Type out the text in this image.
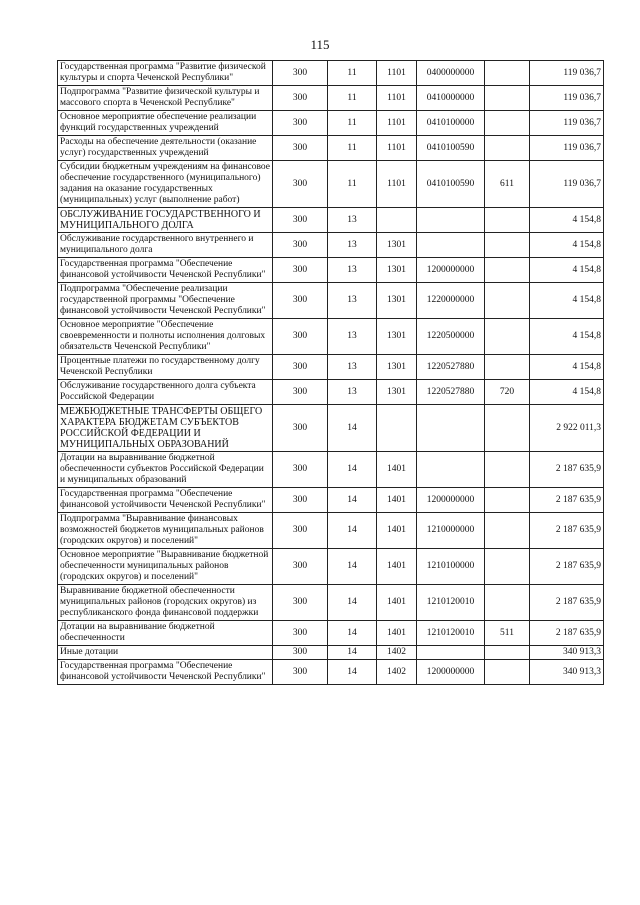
115
Государственная программа "Развитие физической культуры и спорта Чеченской Республики"	300	11	1101	0400000000		119 036,7
Подпрограмма "Развитие физической культуры и массового спорта в Чеченской Республике"	300	11	1101	0410000000		119 036,7
Основное мероприятие обеспечение реализации функций государственных учреждений	300	11	1101	0410100000		119 036,7
Расходы на обеспечение деятельности (оказание услуг) государственных учреждений	300	11	1101	0410100590		119 036,7
Субсидии бюджетным учреждениям на финансовое обеспечение государственного (муниципального) задания на оказание государственных (муниципальных) услуг (выполнение работ)	300	11	1101	0410100590	611	119 036,7
ОБСЛУЖИВАНИЕ ГОСУДАРСТВЕННОГО И МУНИЦИПАЛЬНОГО ДОЛГА	300	13				4 154,8
Обслуживание государственного внутреннего и муниципального долга	300	13	1301			4 154,8
Государственная программа "Обеспечение финансовой устойчивости Чеченской Республики"	300	13	1301	1200000000		4 154,8
Подпрограмма "Обеспечение реализации государственной программы "Обеспечение финансовой устойчивости Чеченской Республики"	300	13	1301	1220000000		4 154,8
Основное мероприятие "Обеспечение своевременности и полноты исполнения долговых обязательств Чеченской Республики"	300	13	1301	1220500000		4 154,8
Процентные платежи по государственному долгу Чеченской Республики	300	13	1301	1220527880		4 154,8
Обслуживание государственного долга субъекта Российской Федерации	300	13	1301	1220527880	720	4 154,8
МЕЖБЮДЖЕТНЫЕ ТРАНСФЕРТЫ ОБЩЕГО ХАРАКТЕРА БЮДЖЕТАМ СУБЪЕКТОВ РОССИЙСКОЙ ФЕДЕРАЦИИ И МУНИЦИПАЛЬНЫХ ОБРАЗОВАНИЙ	300	14				2 922 011,3
Дотации на выравнивание бюджетной обеспеченности субъектов Российской Федерации и муниципальных образований	300	14	1401			2 187 635,9
Государственная программа "Обеспечение финансовой устойчивости Чеченской Республики"	300	14	1401	1200000000		2 187 635,9
Подпрограмма "Выравнивание финансовых возможностей бюджетов муниципальных районов (городских округов) и поселений"	300	14	1401	1210000000		2 187 635,9
Основное мероприятие "Выравнивание бюджетной обеспеченности муниципальных районов (городских округов) и поселений"	300	14	1401	1210100000		2 187 635,9
Выравнивание бюджетной обеспеченности муниципальных районов (городских округов) из республиканского фонда финансовой поддержки	300	14	1401	1210120010		2 187 635,9
Дотации на выравнивание бюджетной обеспеченности	300	14	1401	1210120010	511	2 187 635,9
Иные дотации	300	14	1402			340 913,3
Государственная программа "Обеспечение финансовой устойчивости Чеченской Республики"	300	14	1402	1200000000		340 913,3
